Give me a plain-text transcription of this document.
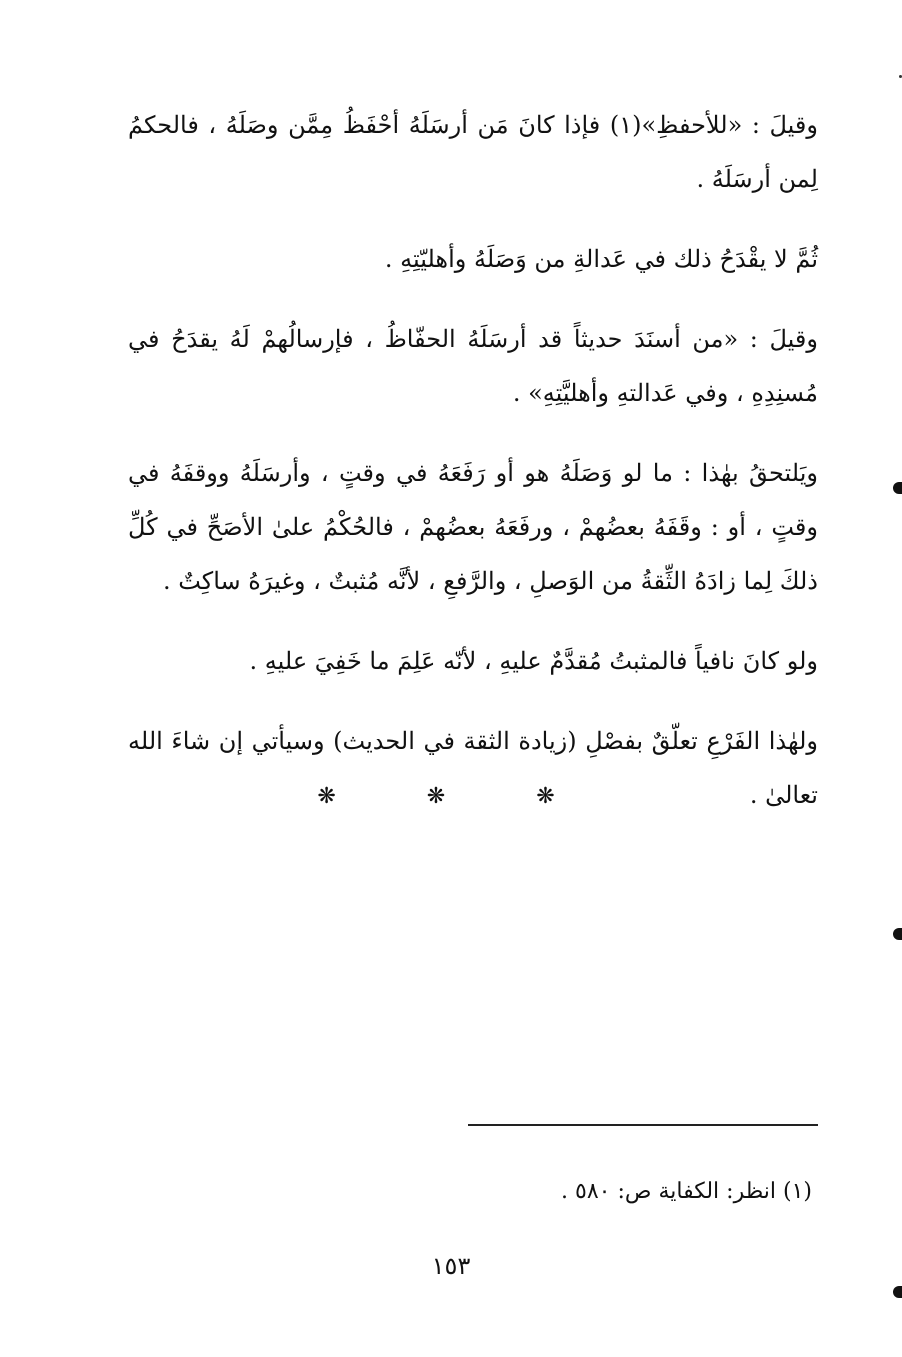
وقيلَ : «للأحفظِ»(١) فإذا كانَ مَن أرسَلَهُ أحْفَظُ مِمَّن وصَلَهُ ، فالحكمُ لِمن أرسَلَهُ .

ثُمَّ لا يقْدَحُ ذلك في عَدالةِ من وَصَلَهُ وأهليّتِهِ .

وقيلَ : «من أسنَدَ حديثاً قد أرسَلَهُ الحفّاظُ ، فإرسالُهمْ لَهُ يقدَحُ في مُسنِدِهِ ، وفي عَدالتهِ وأهليَّتِهِ» .

ويَلتحقُ بهٰذا : ما لو وَصَلَهُ هو أو رَفَعَهُ في وقتٍ ، وأرسَلَهُ ووقفَهُ في وقتٍ ، أو : وقَفَهُ بعضُهمْ ، ورفَعَهُ بعضُهمْ ، فالحُكْمُ علىٰ الأصَحِّ في كُلِّ ذلكَ لِما زادَهُ الثِّقةُ من الوَصلِ ، والرَّفعِ ، لأنَّه مُثبتٌ ، وغيرَهُ ساكِتٌ .

ولو كانَ نافياً فالمثبتُ مُقدَّمٌ عليهِ ، لأنّه عَلِمَ ما خَفِيَ عليهِ .

ولهٰذا الفَرْعِ تعلّقٌ بفصْلِ (زيادة الثقة في الحديث) وسيأتي إن شاءَ الله تعالىٰ .

❋	❋	❋
(١) انظر: الكفاية ص: ٥٨٠ .
١٥٣
